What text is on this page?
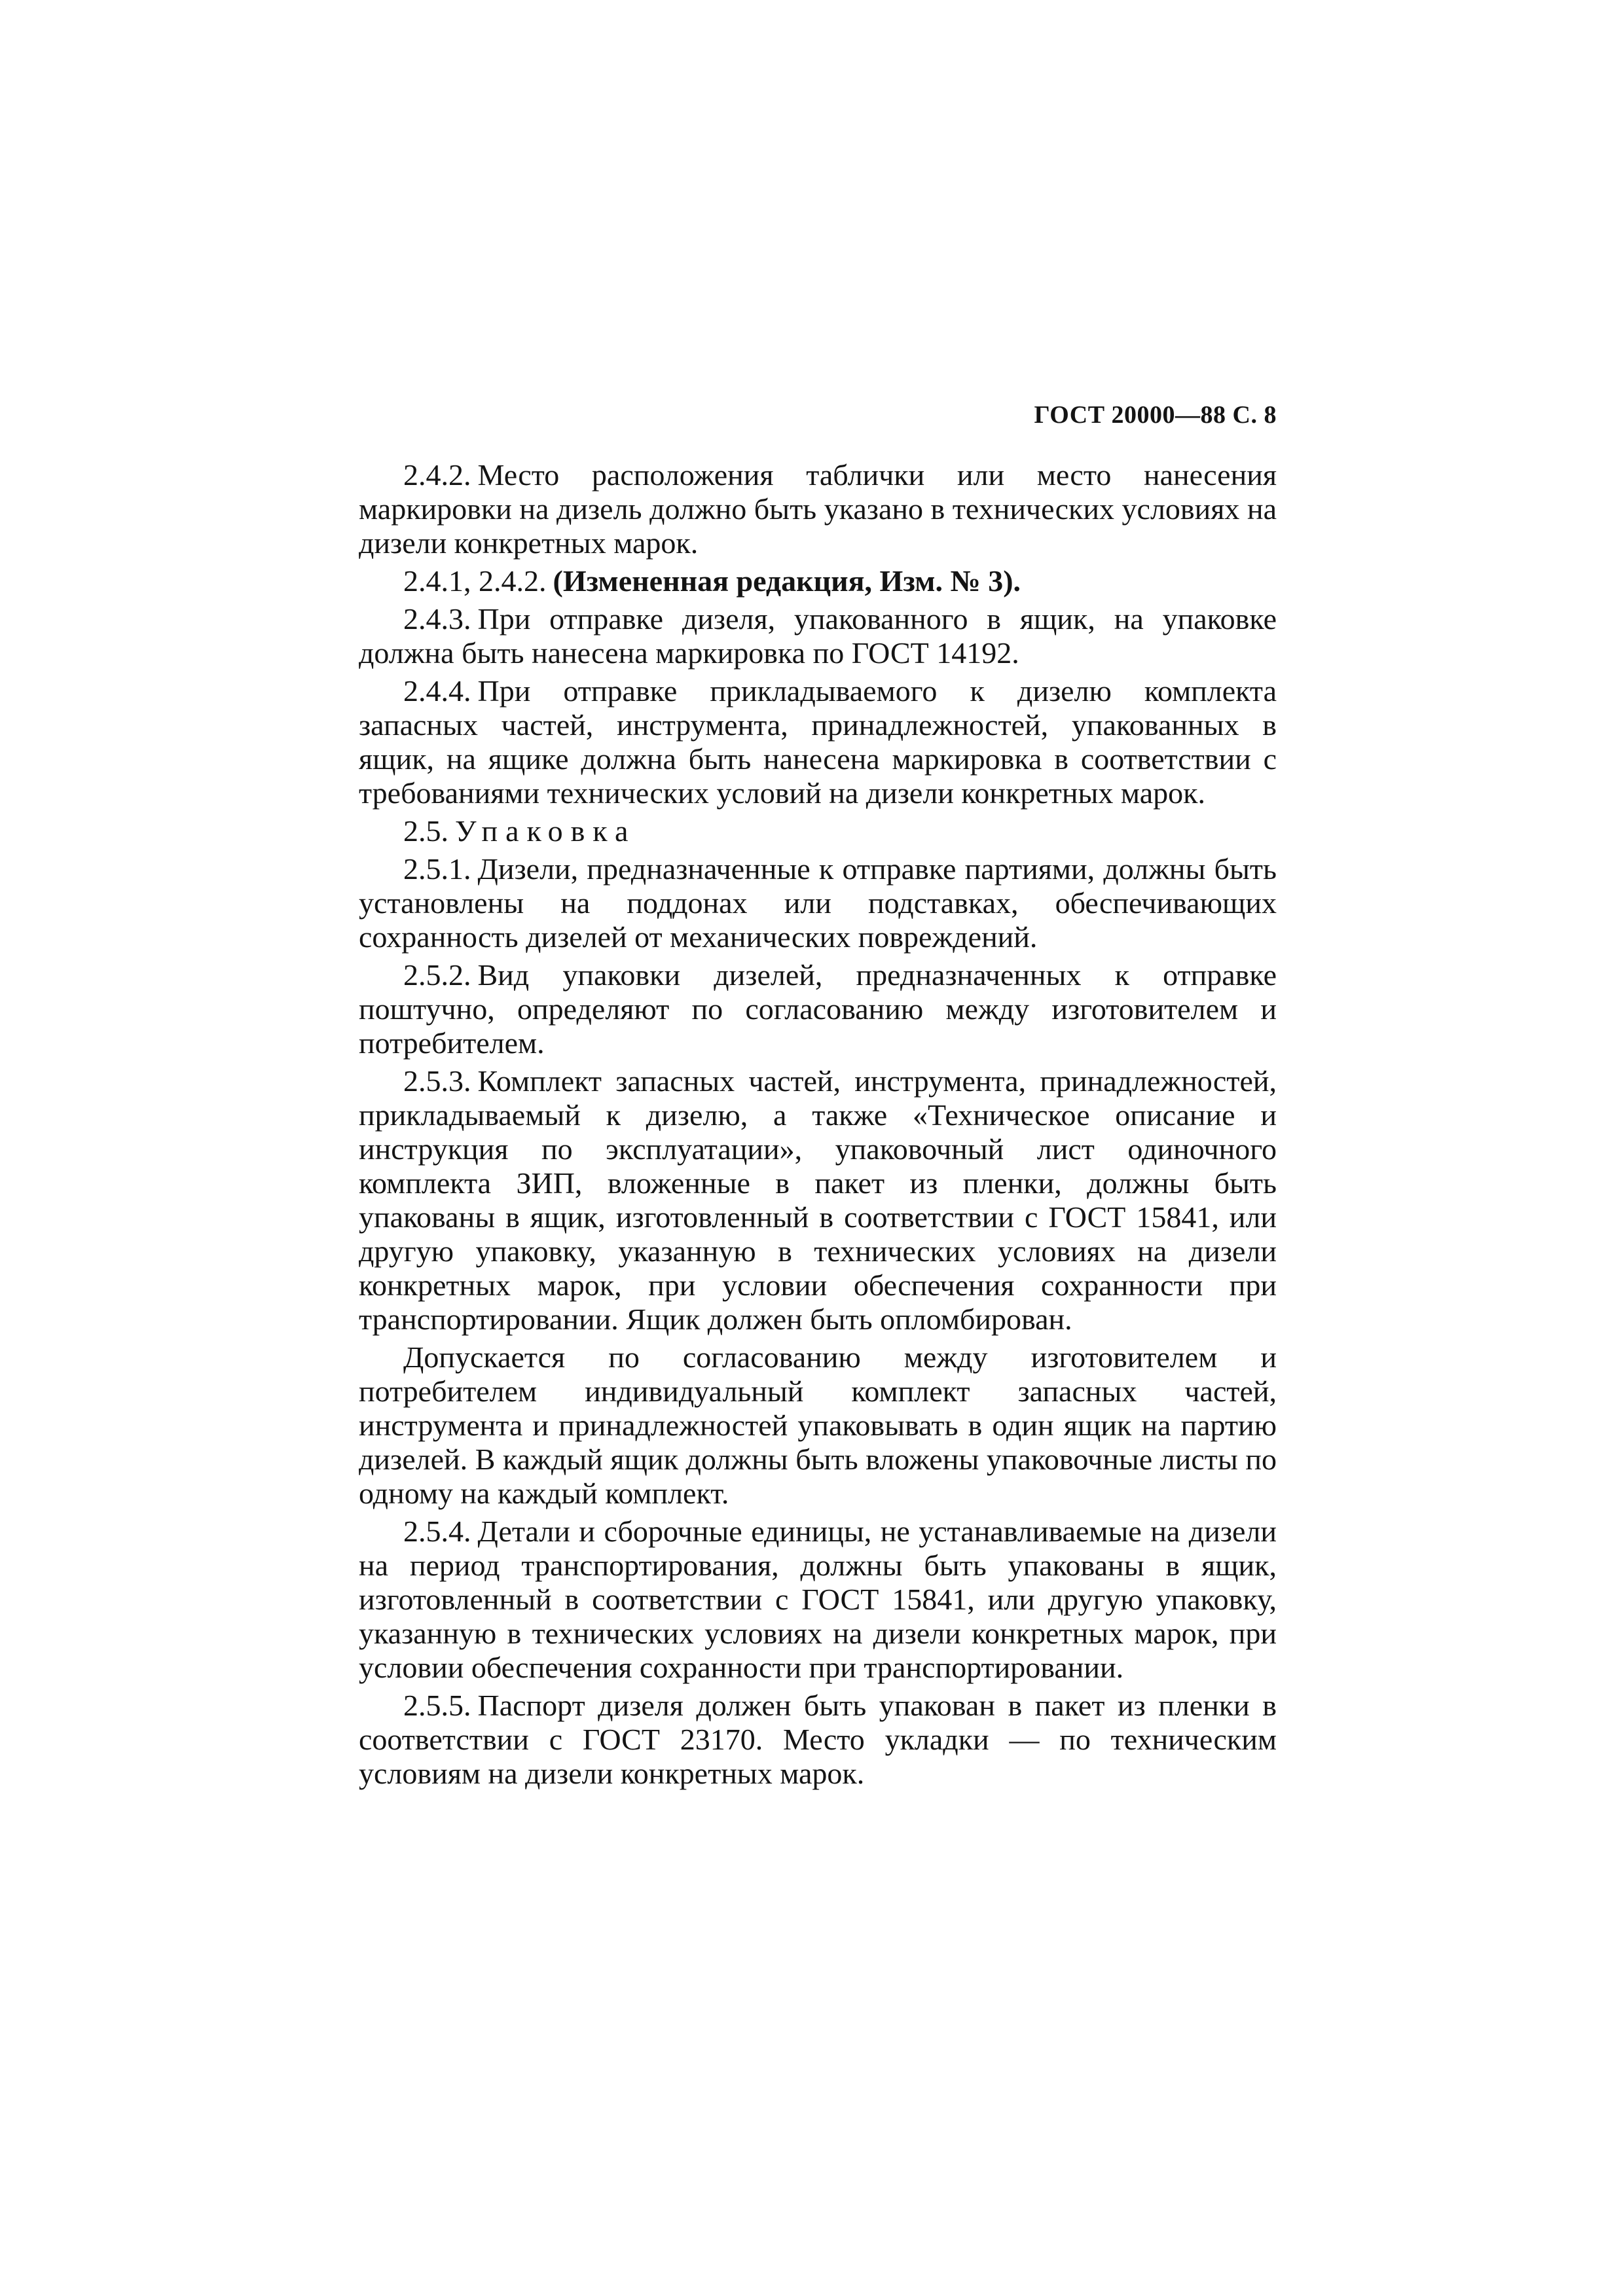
ГОСТ 20000—88 С. 8

2.4.2. Место расположения таблички или место нанесения маркировки на дизель должно быть указано в технических условиях на дизели конкретных марок.

2.4.1, 2.4.2. (Измененная редакция, Изм. № 3).

2.4.3. При отправке дизеля, упакованного в ящик, на упаковке должна быть нанесена маркировка по ГОСТ 14192.

2.4.4. При отправке прикладываемого к дизелю комплекта запасных частей, инструмента, принадлежностей, упакованных в ящик, на ящике должна быть нанесена маркировка в соответствии с требованиями технических условий на дизели конкретных марок.

2.5. Упаковка

2.5.1. Дизели, предназначенные к отправке партиями, должны быть установлены на поддонах или подставках, обеспечивающих сохранность дизелей от механических повреждений.

2.5.2. Вид упаковки дизелей, предназначенных к отправке поштучно, определяют по согласованию между изготовителем и потребителем.

2.5.3. Комплект запасных частей, инструмента, принадлежностей, прикладываемый к дизелю, а также «Техническое описание и инструкция по эксплуатации», упаковочный лист одиночного комплекта ЗИП, вложенные в пакет из пленки, должны быть упакованы в ящик, изготовленный в соответствии с ГОСТ 15841, или другую упаковку, указанную в технических условиях на дизели конкретных марок, при условии обеспечения сохранности при транспортировании. Ящик должен быть опломбирован.

Допускается по согласованию между изготовителем и потребителем индивидуальный комплект запасных частей, инструмента и принадлежностей упаковывать в один ящик на партию дизелей. В каждый ящик должны быть вложены упаковочные листы по одному на каждый комплект.

2.5.4. Детали и сборочные единицы, не устанавливаемые на дизели на период транспортирования, должны быть упакованы в ящик, изготовленный в соответствии с ГОСТ 15841, или другую упаковку, указанную в технических условиях на дизели конкретных марок, при условии обеспечения сохранности при транспортировании.

2.5.5. Паспорт дизеля должен быть упакован в пакет из пленки в соответствии с ГОСТ 23170. Место укладки — по техническим условиям на дизели конкретных марок.
